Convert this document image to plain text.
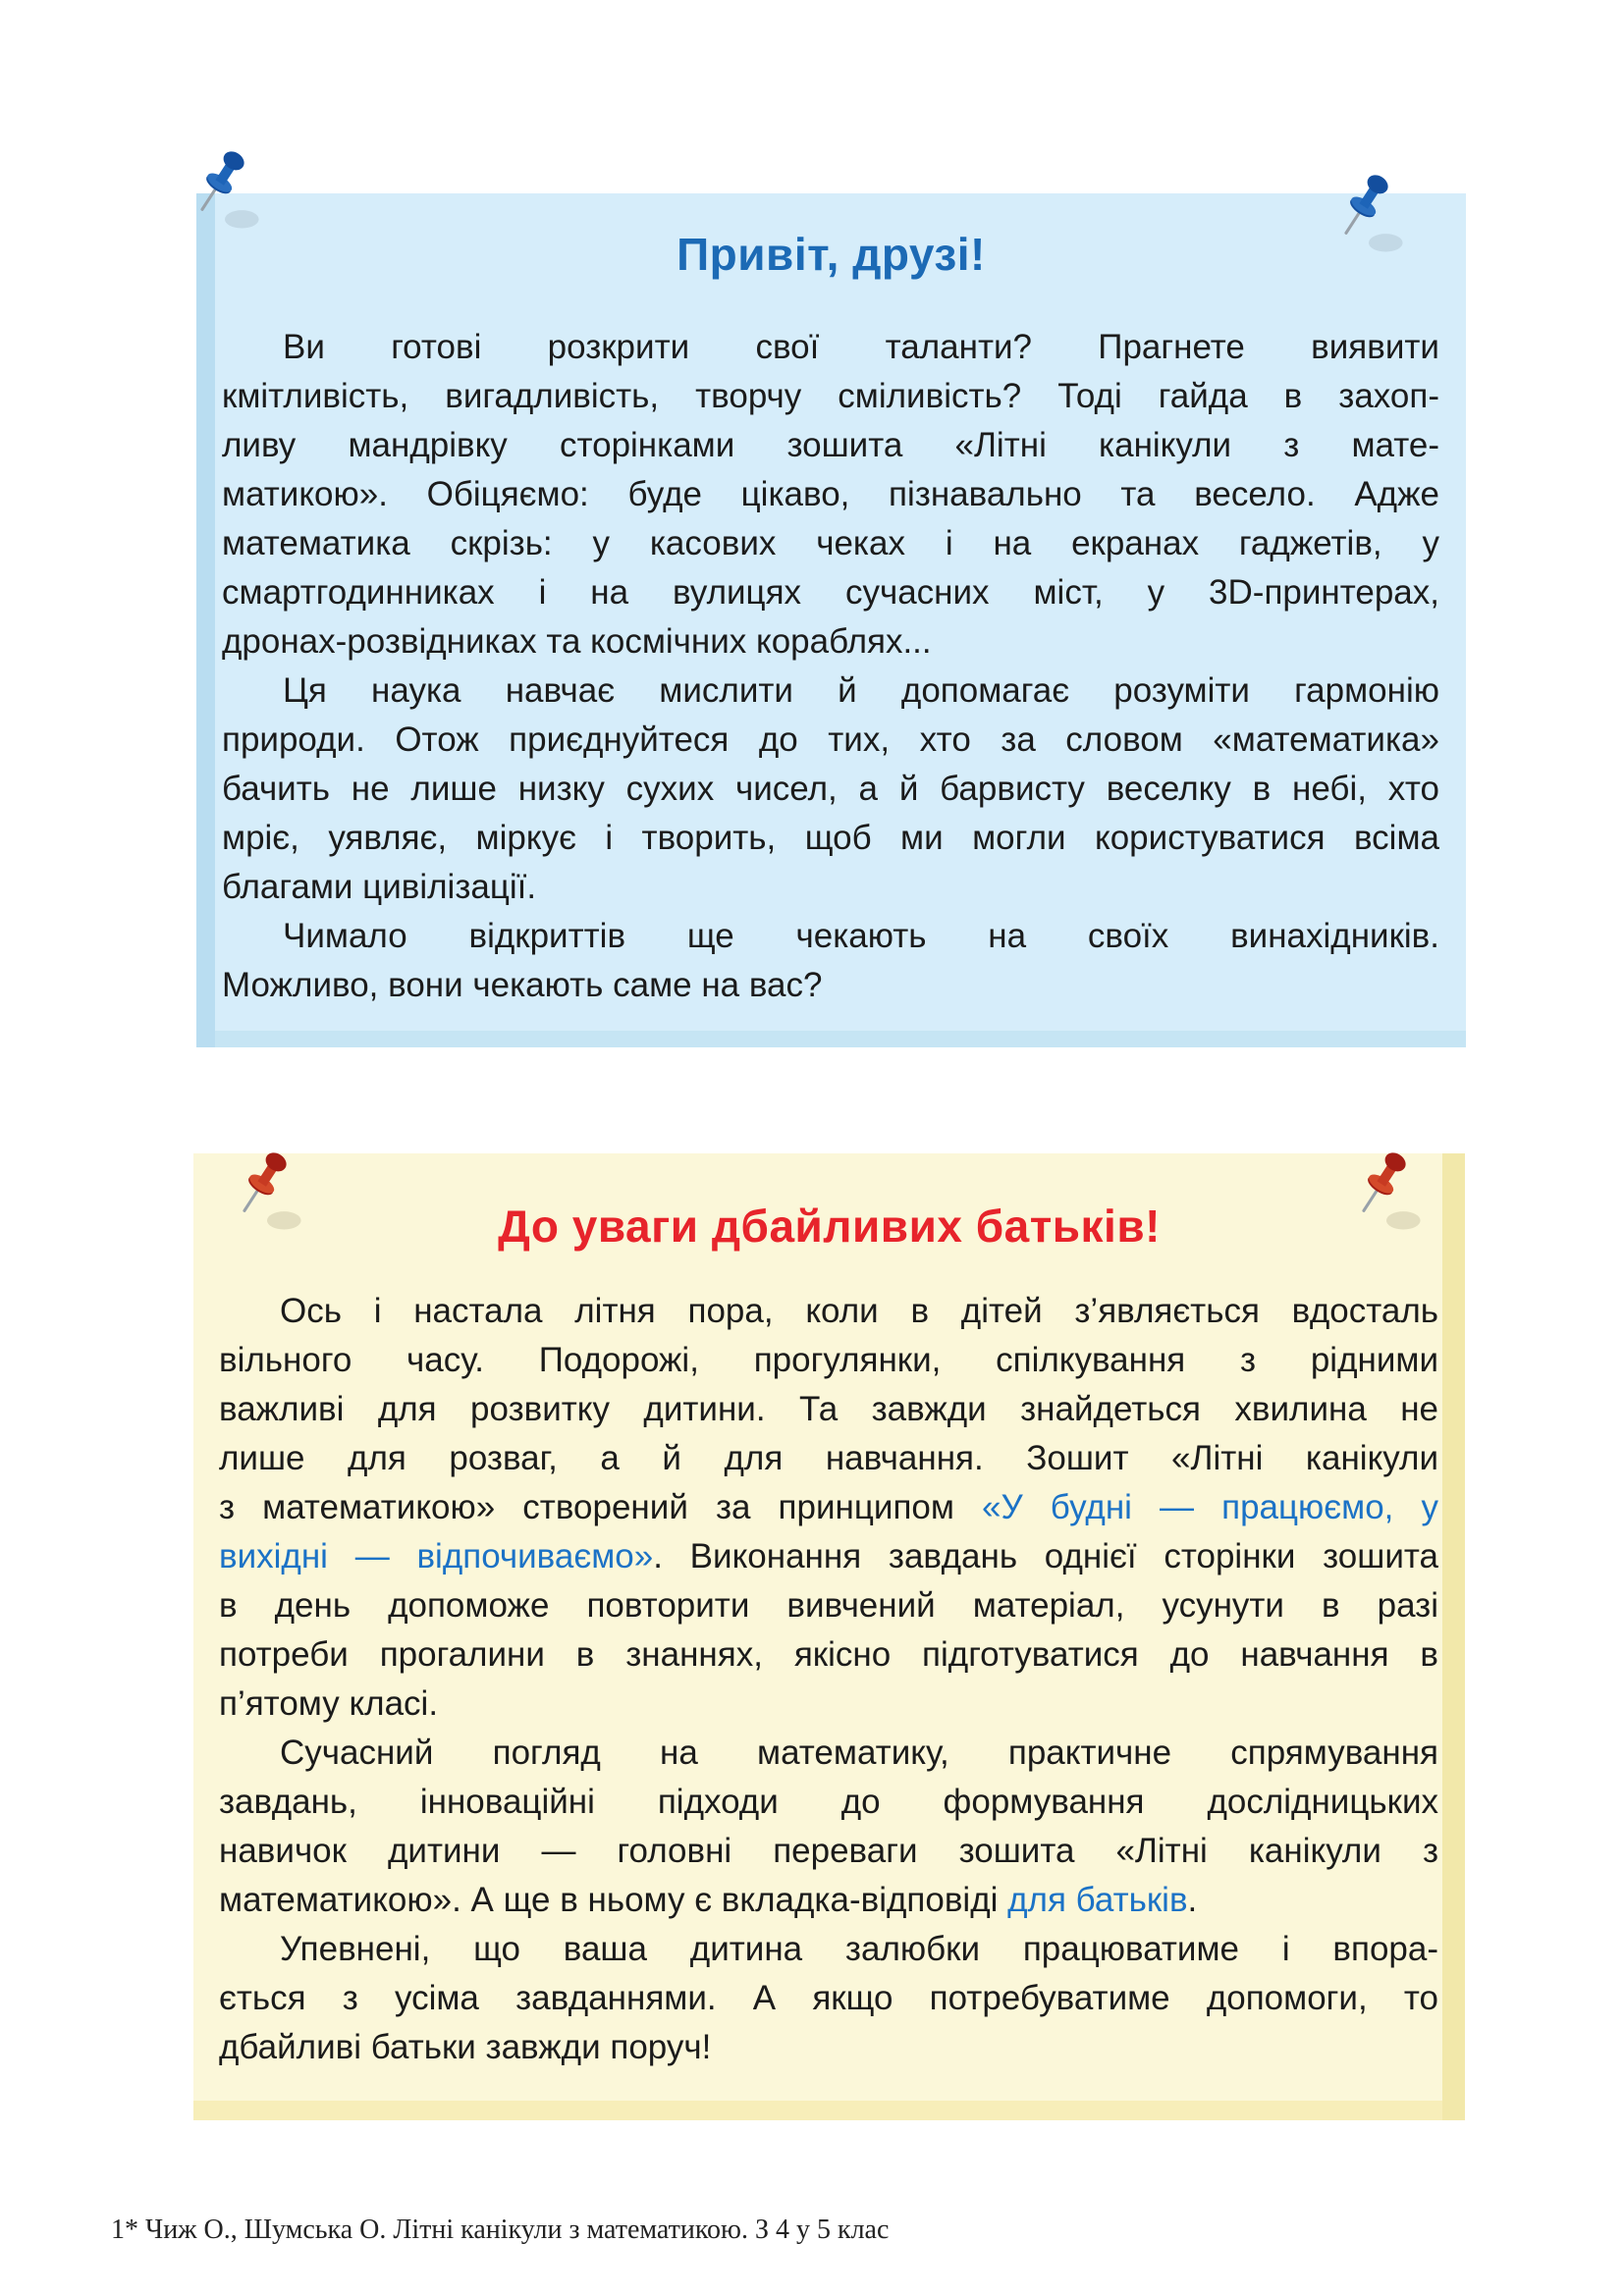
Привіт, друзі!
Ви готові розкрити свої таланти? Прагнете виявити
кмітливість, вигадливість, творчу сміливість? Тоді гайда в захоп-
ливу мандрівку сторінками зошита «Літні канікули з мате-
матикою». Обіцяємо: буде цікаво, пізнавально та весело. Адже
математика скрізь: у касових чеках і на екранах гаджетів, у
смартгодинниках і на вулицях сучасних міст, у 3D-принтерах,
дронах-розвідниках та космічних кораблях...
Ця наука навчає мислити й допомагає розуміти гармонію
природи. Отож приєднуйтеся до тих, хто за словом «математика»
бачить не лише низку сухих чисел, а й барвисту веселку в небі, хто
мріє, уявляє, міркує і творить, щоб ми могли користуватися всіма
благами цивілізації.
Чимало відкриттів ще чекають на своїх винахідників.
Можливо, вони чекають саме на вас?
До уваги дбайливих батьків!
Ось і настала літня пора, коли в дітей з’являється вдосталь
вільного часу. Подорожі, прогулянки, спілкування з рідними
важливі для розвитку дитини. Та завжди знайдеться хвилина не
лише для розваг, а й для навчання. Зошит «Літні канікули
з математикою» створений за принципом «У будні — працюємо, у
вихідні — відпочиваємо». Виконання завдань однієї сторінки зошита
в день допоможе повторити вивчений матеріал, усунути в разі
потреби прогалини в знаннях, якісно підготуватися до навчання в
п’ятому класі.
Сучасний погляд на математику, практичне спрямування
завдань, інноваційні підходи до формування дослідницьких
навичок дитини — головні переваги зошита «Літні канікули з
математикою». А ще в ньому є вкладка-відповіді для батьків.
Упевнені, що ваша дитина залюбки працюватиме і впора-
ється з усіма завданнями. А якщо потребуватиме допомоги, то
дбайливі батьки завжди поруч!
1* Чиж О., Шумська О. Літні канікули з математикою. З 4 у 5 клас
